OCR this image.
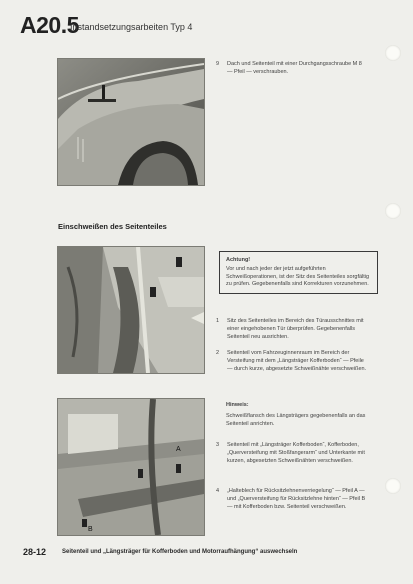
A20.5
Instandsetzungsarbeiten Typ 4
9	Dach und Seitenteil mit einer Durchgangsschraube M 8 — Pfeil — verschrauben.

Einschweißen des Seitenteiles
Achtung!

Vor und nach jeder der jetzt aufgeführten Schweißoperationen, ist der Sitz des Seitenteiles sorgfältig zu prüfen. Gegebenenfalls sind Korrekturen vorzunehmen.

1	Sitz des Seitenteiles im Bereich des Türausschnittes mit einer eingehobenen Tür überprüfen. Gegebenenfalls Seitenteil neu ausrichten.

2	Seitenteil vom Fahrzeuginnenraum im Bereich der Versteifung mit dem „Längsträger Kofferboden“ — Pfeile — durch kurze, abgesetzte Schweißnähte verschweißen.

A
B
Hinweis:

Schweißflansch des Längsträgers gegebenenfalls an das Seitenteil anrichten.

3	Seitenteil mit „Längsträger Kofferboden“, Kofferboden, „Querversteifung mit Stoßfangerarm“ und Unterkante mit kurzen, abgesetzten Schweißnähten verschweißen.

4	„Halteblech für Rücksitzlehnenverriegelung“ — Pfeil A — und „Querversteifung für Rücksitzlehne hinten“ — Pfeil B — mit Kofferboden bzw. Seitenteil verschweißen.

28-12	Seitenteil und „Längsträger für Kofferboden und Motorraufhängung“ auswechseln
